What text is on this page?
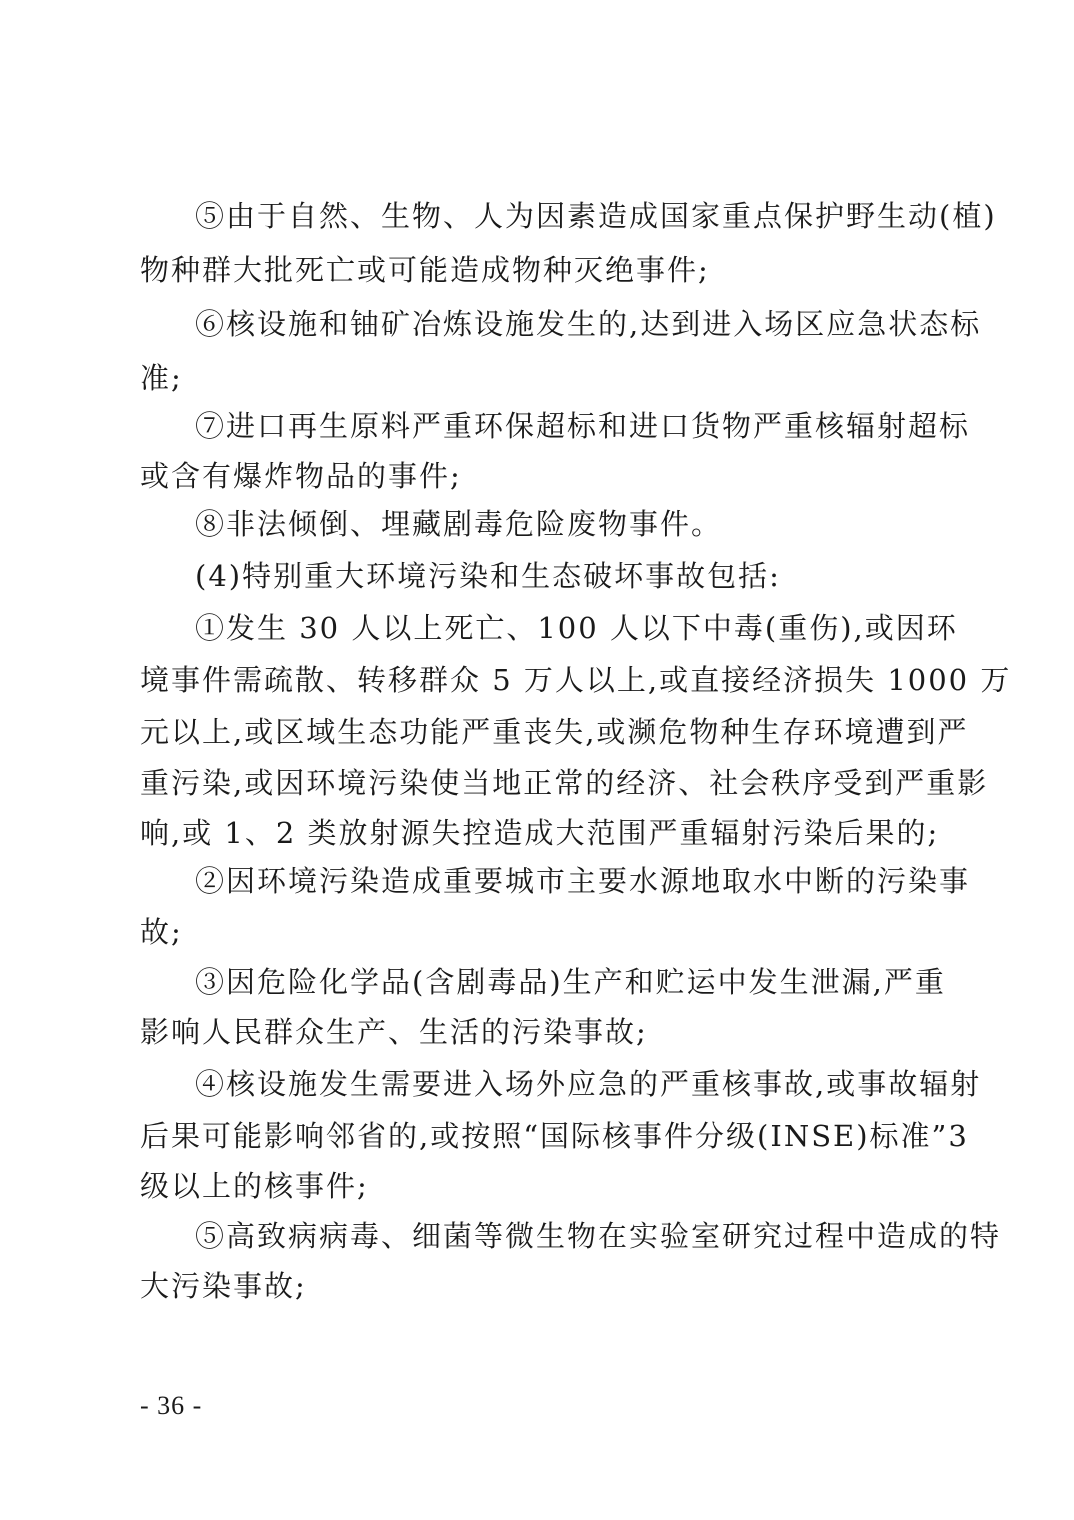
⑤由于自然、生物、人为因素造成国家重点保护野生动(植)
物种群大批死亡或可能造成物种灭绝事件;
⑥核设施和铀矿冶炼设施发生的,达到进入场区应急状态标
准;
⑦进口再生原料严重环保超标和进口货物严重核辐射超标
或含有爆炸物品的事件;
⑧非法倾倒、埋藏剧毒危险废物事件。
(4)特别重大环境污染和生态破坏事故包括:
①发生 30 人以上死亡、100 人以下中毒(重伤),或因环
境事件需疏散、转移群众 5 万人以上,或直接经济损失 1000 万
元以上,或区域生态功能严重丧失,或濒危物种生存环境遭到严
重污染,或因环境污染使当地正常的经济、社会秩序受到严重影
响,或 1、2 类放射源失控造成大范围严重辐射污染后果的;
②因环境污染造成重要城市主要水源地取水中断的污染事
故;
③因危险化学品(含剧毒品)生产和贮运中发生泄漏,严重
影响人民群众生产、生活的污染事故;
④核设施发生需要进入场外应急的严重核事故,或事故辐射
后果可能影响邻省的,或按照“国际核事件分级(INSE)标准”3
级以上的核事件;
⑤高致病病毒、细菌等微生物在实验室研究过程中造成的特
大污染事故;
- 36 -
